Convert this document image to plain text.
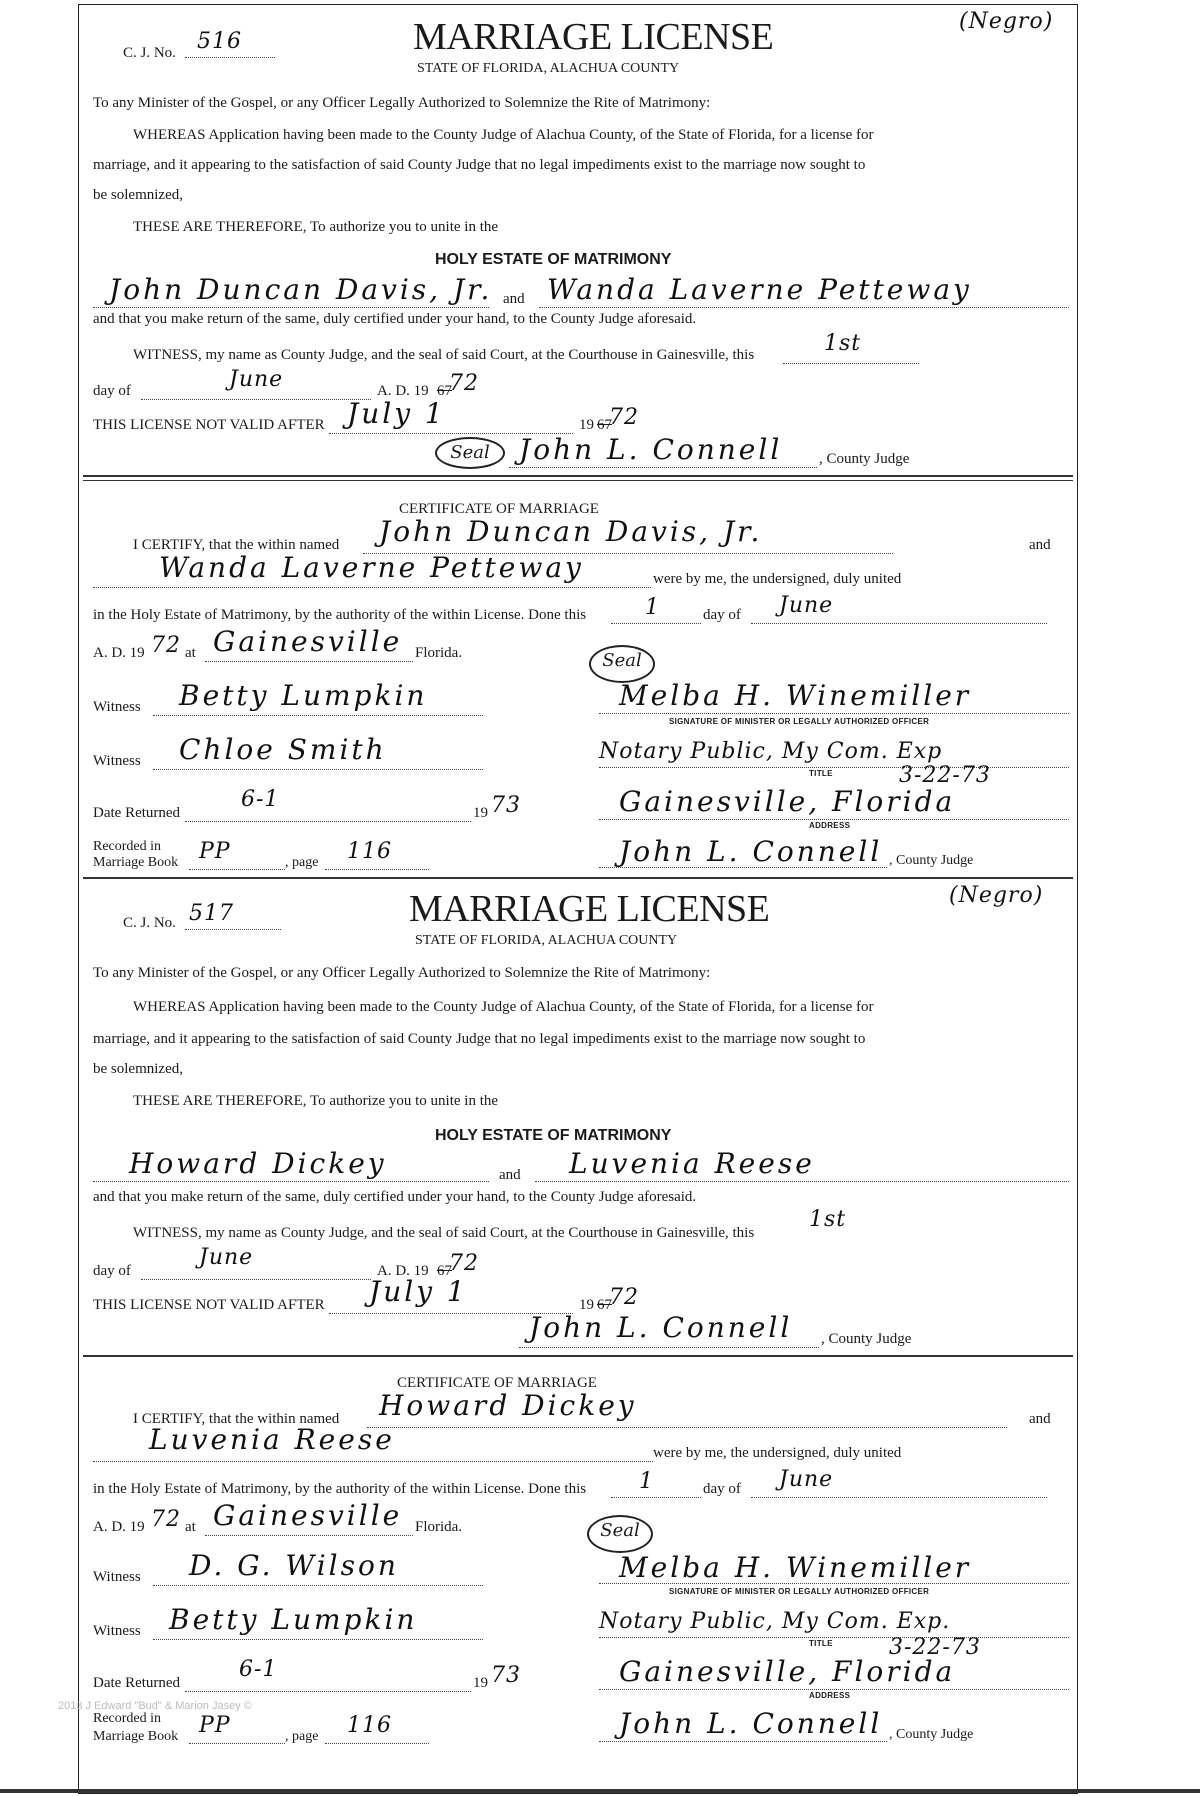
C. J. No. 516	MARRIAGE LICENSE
STATE OF FLORIDA, ALACHUA COUNTY
(Negro)
To any Minister of the Gospel, or any Officer Legally Authorized to Solemnize the Rite of Matrimony:
WHEREAS Application having been made to the County Judge of Alachua County, of the State of Florida, for a license for
marriage, and it appearing to the satisfaction of said County Judge that no legal impediments exist to the marriage now sought to
be solemnized,
THESE ARE THEREFORE, To authorize you to unite in the
HOLY ESTATE OF MATRIMONY
John Duncan Davis, Jr. and Wanda Laverne Petteway
and that you make return of the same, duly certified under your hand, to the County Judge aforesaid.
WITNESS, my name as County Judge, and the seal of said Court, at the Courthouse in Gainesville, this	1st
day of	June	A. D. 19 67
72
THIS LICENSE NOT VALID AFTER July 1	19 67
72
Seal	John L. Connell , County Judge
CERTIFICATE OF MARRIAGE
I CERTIFY, that the within named John Duncan Davis, Jr.	and
Wanda Laverne Petteway	were by me, the undersigned, duly united
in the Holy Estate of Matrimony, by the authority of the within License. Done this	1	day of June
A. D. 19 72 at Gainesville Florida.	Seal
Witness Betty Lumpkin	Melba H. Winemiller
SIGNATURE OF MINISTER OR LEGALLY AUTHORIZED OFFICER
Witness Chloe Smith	Notary Public, My Com. Exp
TITLE	3-22-73
Date Returned
6-1
19 73	Gainesville, Florida
ADDRESS
Recorded in
Marriage Book PP	, page 116	John L. Connell , County Judge
C. J. No. 517	MARRIAGE LICENSE
STATE OF FLORIDA, ALACHUA COUNTY
(Negro)
To any Minister of the Gospel, or any Officer Legally Authorized to Solemnize the Rite of Matrimony:
WHEREAS Application having been made to the County Judge of Alachua County, of the State of Florida, for a license for
marriage, and it appearing to the satisfaction of said County Judge that no legal impediments exist to the marriage now sought to
be solemnized,
THESE ARE THEREFORE, To authorize you to unite in the
HOLY ESTATE OF MATRIMONY
Howard Dickey	and Luvenia Reese
and that you make return of the same, duly certified under your hand, to the County Judge aforesaid.
WITNESS, my name as County Judge, and the seal of said Court, at the Courthouse in Gainesville, this
1st
day of
June
A. D. 19 67
72
THIS LICENSE NOT VALID AFTER July 1	19 67
72
John L. Connell , County Judge
CERTIFICATE OF MARRIAGE
I CERTIFY, that the within named Howard Dickey	and
Luvenia Reese	were by me, the undersigned, duly united
in the Holy Estate of Matrimony, by the authority of the within License. Done this 1	day of June
A. D. 19 72 at Gainesville Florida.	Seal
Witness D. G. Wilson	Melba H. Winemiller
SIGNATURE OF MINISTER OR LEGALLY AUTHORIZED OFFICER
Witness Betty Lumpkin	Notary Public, My Com. Exp.
TITLE	3-22-73
Date Returned
6-1
19 73	Gainesville, Florida
ADDRESS
Recorded in
Marriage Book PP	, page 116	John L. Connell , County Judge
2013 J Edward "Bud" & Marion Jasey ©
